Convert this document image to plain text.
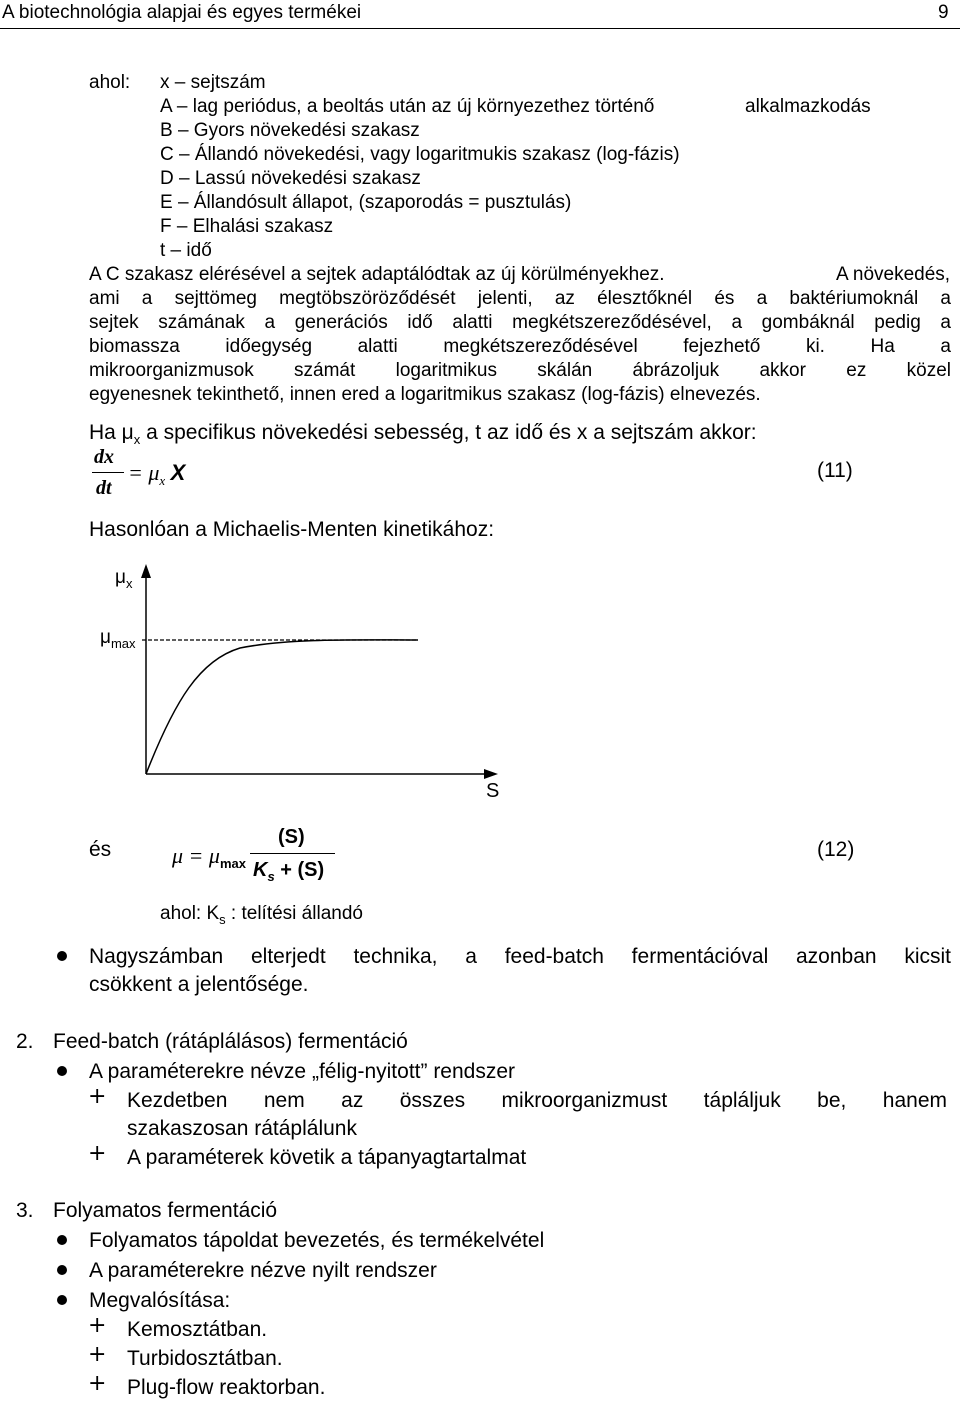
A biotechnológia alapjai és egyes termékei	9
ahol: x – sejtszám
A – lag periódus, a beoltás után az új környezethez történő	alkalmazkodás
B – Gyors növekedési szakasz
C – Állandó növekedési, vagy logaritmukis szakasz (log-fázis)
D – Lassú növekedési szakasz
E – Állandósult állapot, (szaporodás = pusztulás)
F – Elhalási szakasz
t – idő
A C szakasz elérésével a sejtek adaptálódtak az új körülményekhez.	A növekedés,
ami a sejttömeg megtöbszöröződését jelenti, az élesztőknél és a baktériumoknál a
sejtek számának a generációs idő alatti megkétszereződésével, a gombáknál pedig a
biomassza időegység alatti megkétszereződésével fejezhető ki. Ha a
mikroorganizmusok számát logaritmikus skálán ábrázoljuk akkor ez közel
egyenesnek tekinthető, innen ered a logaritmikus szakasz (log-fázis) elnevezés.
Ha $\mu_x$ a specifikus növekedési sebesség, t az idő és x a sejtszám akkor:
dx
dt
= $\mu_x$ X	(11)
Hasonlóan a Michaelis-Menten kinetikához:
$\mu_x$
$\mu_{max}$
S
és	$\mu = \mu_{max}$
(S)
$K_s + (S)$
(12)
ahol: $K_s$ : telítési állandó
Nagyszámban elterjedt technika, a feed-batch fermentációval azonban kicsit
csökkent a jelentősége.
2. Feed-batch (rátáplálásos) fermentáció
A paraméterekre névze „félig-nyitott” rendszer
+ Kezdetben nem az összes mikroorganizmust tápláljuk be, hanem
szakaszosan rátáplálunk
+ A paraméterek követik a tápanyagtartalmat
3. Folyamatos fermentáció
Folyamatos tápoldat bevezetés, és termékelvétel
A paraméterekre nézve nyilt rendszer
Megvalósítása:
+ Kemosztátban.
+ Turbidosztátban.
+ Plug-flow reaktorban.
